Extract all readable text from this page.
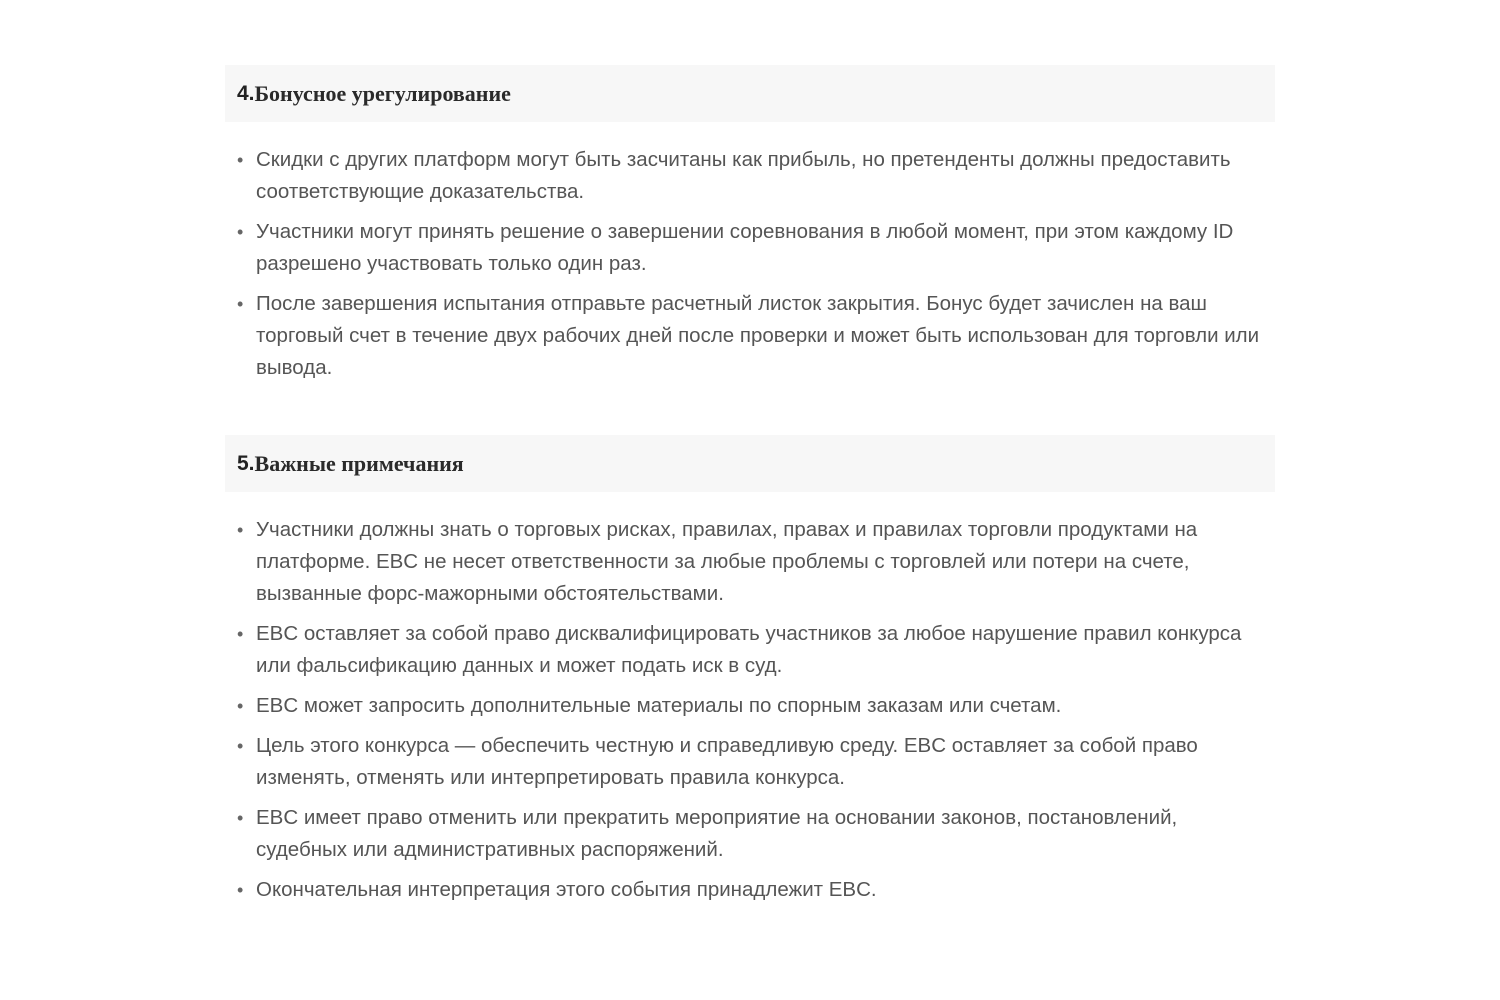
4. Бонусное урегулирование
• Скидки с других платформ могут быть засчитаны как прибыль, но претенденты должны предоставить соответствующие доказательства.
• Участники могут принять решение о завершении соревнования в любой момент, при этом каждому ID разрешено участвовать только один раз.
• После завершения испытания отправьте расчетный листок закрытия. Бонус будет зачислен на ваш торговый счет в течение двух рабочих дней после проверки и может быть использован для торговли или вывода.
5. Важные примечания
• Участники должны знать о торговых рисках, правилах, правах и правилах торговли продуктами на платформе. EBC не несет ответственности за любые проблемы с торговлей или потери на счете, вызванные форс-мажорными обстоятельствами.
• EBC оставляет за собой право дисквалифицировать участников за любое нарушение правил конкурса или фальсификацию данных и может подать иск в суд.
• EBC может запросить дополнительные материалы по спорным заказам или счетам.
• Цель этого конкурса — обеспечить честную и справедливую среду. EBC оставляет за собой право изменять, отменять или интерпретировать правила конкурса.
• EBC имеет право отменить или прекратить мероприятие на основании законов, постановлений, судебных или административных распоряжений.
• Окончательная интерпретация этого события принадлежит EBC.
